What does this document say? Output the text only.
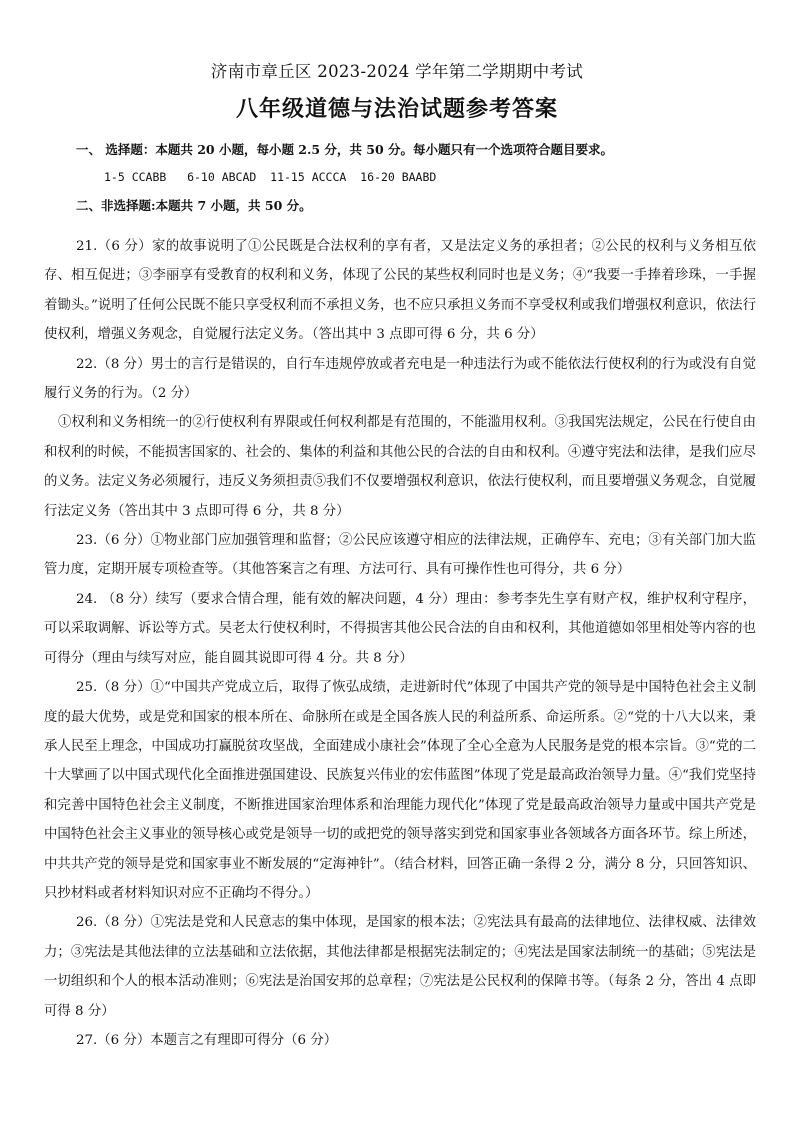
济南市章丘区 2023-2024 学年第二学期期中考试
八年级道德与法治试题参考答案
一、 选择题：本题共 20 小题，每小题 2.5 分，共 50 分。每小题只有一个选项符合题目要求。
1-5 CCABB   6-10 ABCAD  11-15 ACCCA  16-20 BAABD
二、非选择题:本题共 7 小题，共 50 分。

21.（6 分）家的故事说明了①公民既是合法权利的享有者，又是法定义务的承担者；②公民的权利与义务相互依存、相互促进；③李丽享有受教育的权利和义务，体现了公民的某些权利同时也是义务；④“我要一手捧着珍珠，一手握着锄头。”说明了任何公民既不能只享受权利而不承担义务，也不应只承担义务而不享受权利或我们增强权利意识，依法行使权利，增强义务观念，自觉履行法定义务。（答出其中 3 点即可得 6 分，共 6 分）

22.（8 分）男士的言行是错误的，自行车违规停放或者充电是一种违法行为或不能依法行使权利的行为或没有自觉履行义务的行为。（2 分）

①权利和义务相统一的②行使权利有界限或任何权利都是有范围的，不能滥用权利。③我国宪法规定，公民在行使自由和权利的时候，不能损害国家的、社会的、集体的利益和其他公民的合法的自由和权利。④遵守宪法和法律，是我们应尽的义务。法定义务必须履行，违反义务须担责⑤我们不仅要增强权利意识，依法行使权利，而且要增强义务观念，自觉履行法定义务（答出其中 3 点即可得 6 分，共 8 分）

23.（6 分）①物业部门应加强管理和监督；②公民应该遵守相应的法律法规，正确停车、充电；③有关部门加大监管力度，定期开展专项检查等。（其他答案言之有理、方法可行、具有可操作性也可得分，共 6 分）

24. （8 分）续写（要求合情合理，能有效的解决问题，4 分）理由：参考李先生享有财产权，维护权利守程序，可以采取调解、诉讼等方式。吴老太行使权利时，不得损害其他公民合法的自由和权利，其他道德如邻里相处等内容的也可得分（理由与续写对应，能自圆其说即可得 4 分。共 8 分）

25.（8 分）①“中国共产党成立后，取得了恢弘成绩，走进新时代”体现了中国共产党的领导是中国特色社会主义制度的最大优势，或是党和国家的根本所在、命脉所在或是全国各族人民的利益所系、命运所系。②“党的十八大以来，秉承人民至上理念，中国成功打赢脱贫攻坚战，全面建成小康社会”体现了全心全意为人民服务是党的根本宗旨。③“党的二十大擘画了以中国式现代化全面推进强国建设、民族复兴伟业的宏伟蓝图”体现了党是最高政治领导力量。④“我们党坚持和完善中国特色社会主义制度，不断推进国家治理体系和治理能力现代化”体现了党是最高政治领导力量或中国共产党是中国特色社会主义事业的领导核心或党是领导一切的或把党的领导落实到党和国家事业各领域各方面各环节。综上所述，中共共产党的领导是党和国家事业不断发展的“定海神针”。（结合材料，回答正确一条得 2 分，满分 8 分，只回答知识、只抄材料或者材料知识对应不正确均不得分。）

26.（8 分）①宪法是党和人民意志的集中体现，是国家的根本法；②宪法具有最高的法律地位、法律权威、法律效力；③宪法是其他法律的立法基础和立法依据，其他法律都是根据宪法制定的；④宪法是国家法制统一的基础；⑤宪法是一切组织和个人的根本活动准则；⑥宪法是治国安邦的总章程；⑦宪法是公民权利的保障书等。（每条 2 分，答出 4 点即可得 8 分）

27.（6 分）本题言之有理即可得分（6 分）
